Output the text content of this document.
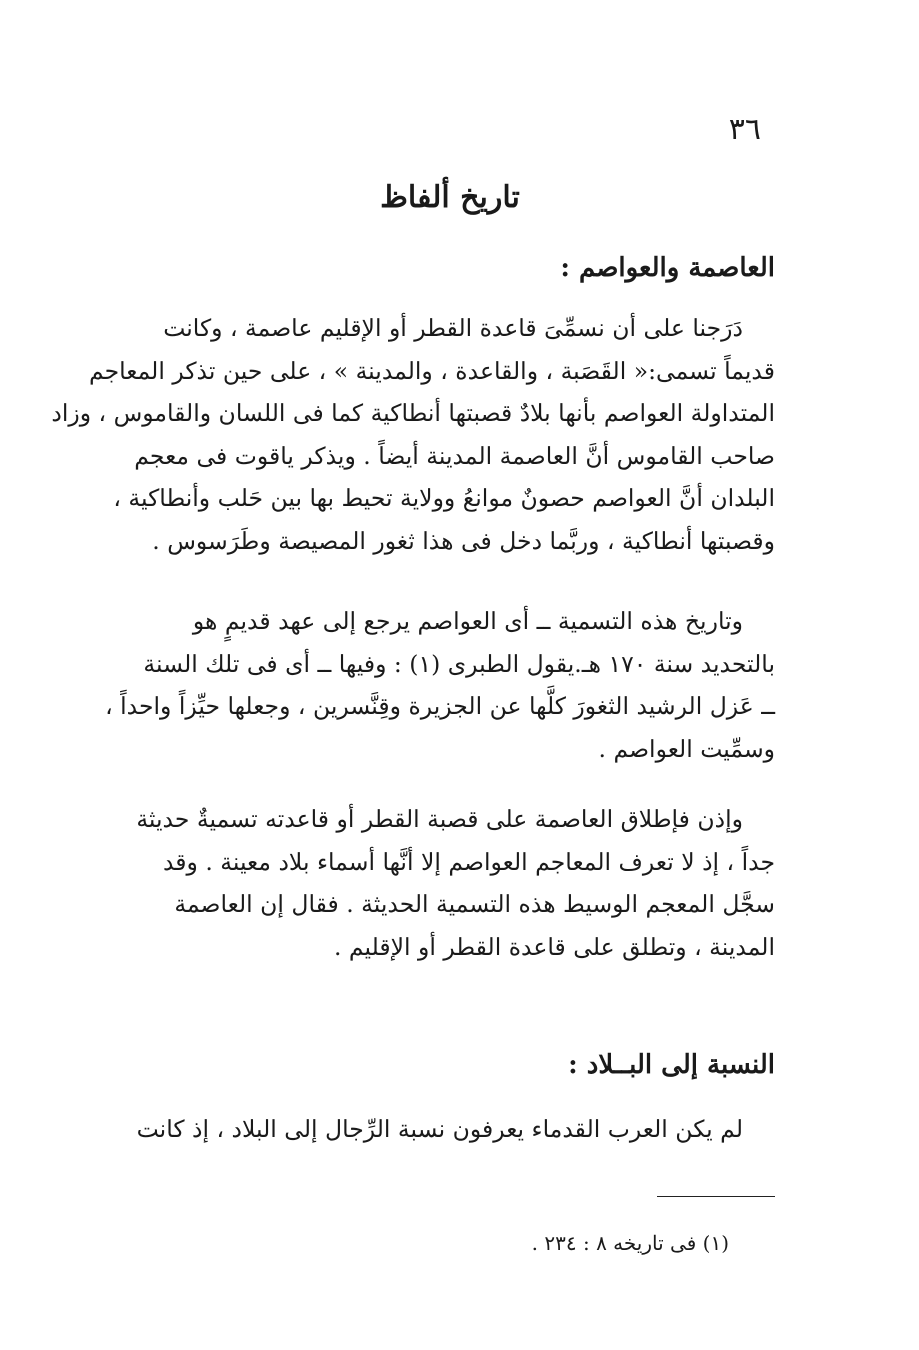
٣٦
تاريخ ألفاظ
العاصمة والعواصم :
دَرَجنا على أن نسمِّىَ قاعدة القطر أو الإقليم عاصمة ، وكانت
قديماً تسمى:« القَصَبة ، والقاعدة ، والمدينة » ، على حين تذكر المعاجم
المتداولة العواصم بأنها بلادٌ قصبتها أنطاكية كما فى اللسان والقاموس ، وزاد
صاحب القاموس أنَّ العاصمة المدينة أيضاً . ويذكر ياقوت فى معجم
البلدان أنَّ العواصم حصونٌ موانعُ وولاية تحيط بها بين حَلب وأنطاكية ،
وقصبتها أنطاكية ، وربَّما دخل فى هذا ثغور المصيصة وطَرَسوس .
وتاريخ هذه التسمية ــ أى العواصم يرجع إلى عهد قديمٍ هو
بالتحديد سنة ١٧٠ هـ.يقول الطبرى (١) : وفيها ــ أى فى تلك السنة
ــ عَزل الرشيد الثغورَ كلَّها عن الجزيرة وقِنَّسرين ، وجعلها حيِّزاً واحداً ،
وسمِّيت العواصم .
وإذن فإطلاق العاصمة على قصبة القطر أو قاعدته تسميةٌ حديثة
جداً ، إذ لا تعرف المعاجم العواصم إلا أنَّها أسماء بلاد معينة . وقد
سجَّل المعجم الوسيط هذه التسمية الحديثة . فقال إن العاصمة
المدينة ، وتطلق على قاعدة القطر أو الإقليم .
النسبة إلى البــلاد :
لم يكن العرب القدماء يعرفون نسبة الرِّجال إلى البلاد ، إذ كانت
(١) فى تاريخه ٨ : ٢٣٤ .
